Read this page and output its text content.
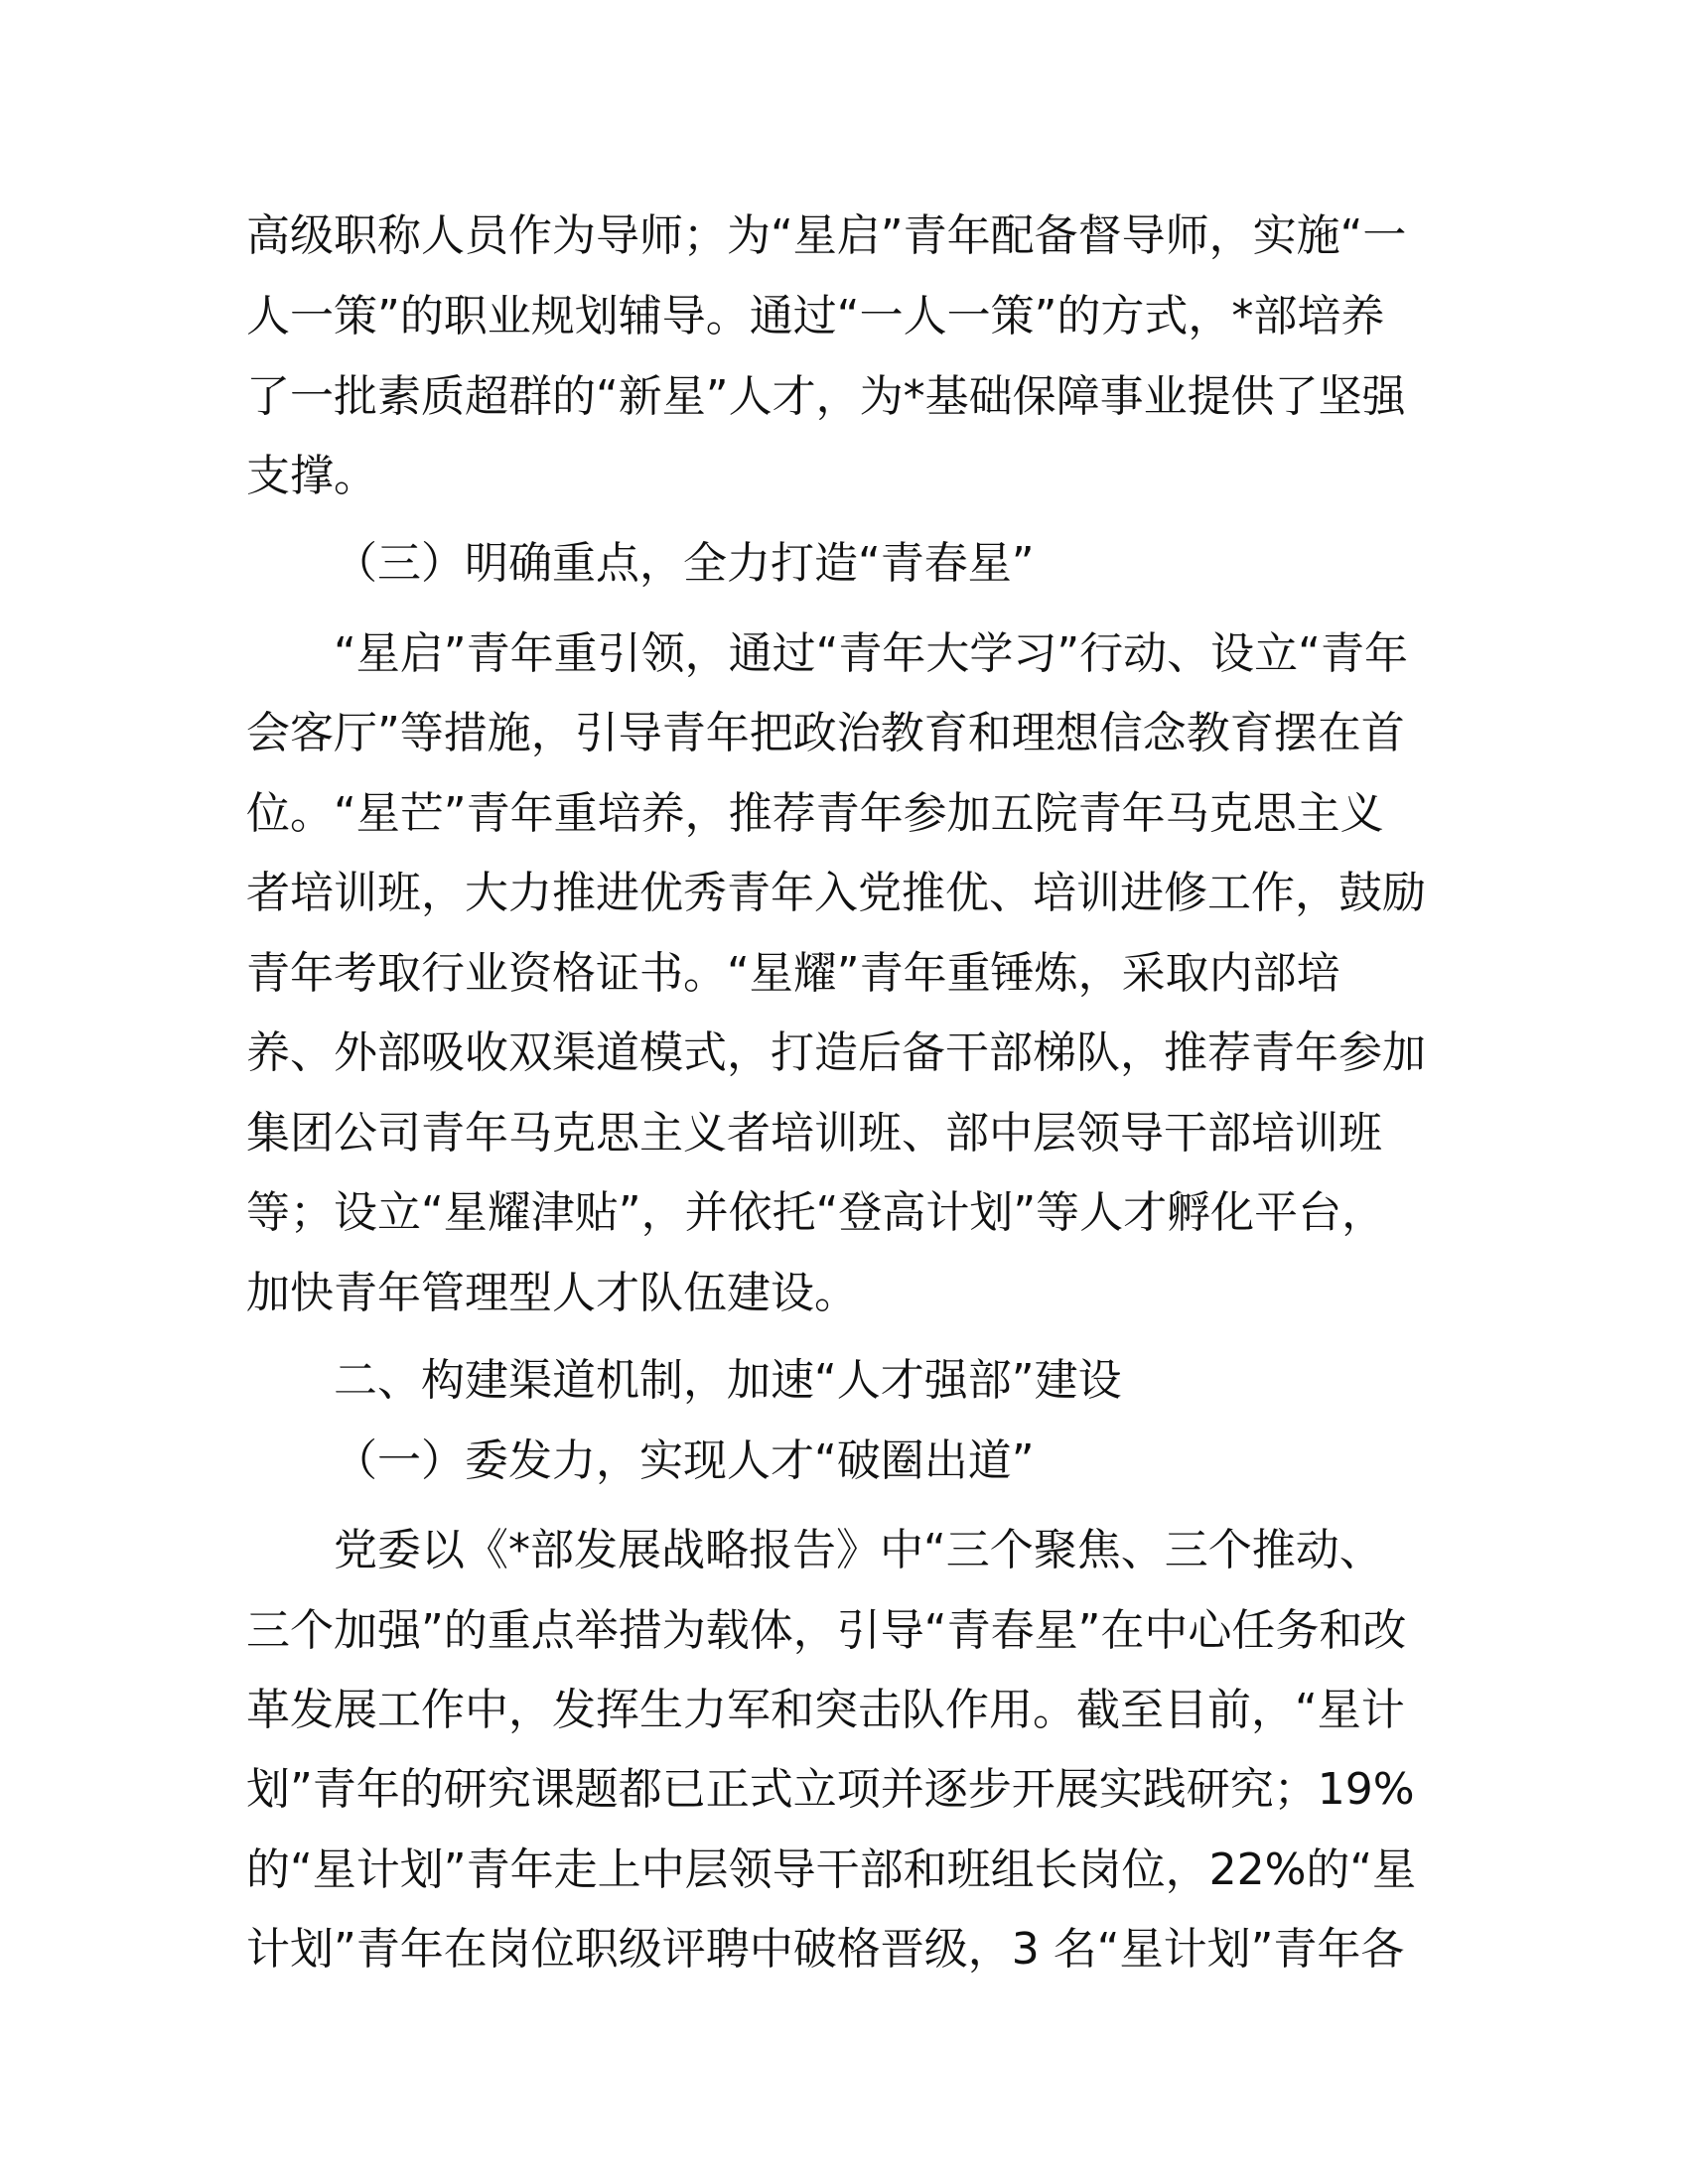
高级职称人员作为导师；为“星启”青年配备督导师，实施“一
人一策”的职业规划辅导。通过“一人一策”的方式，*部培养
了一批素质超群的“新星”人才，为*基础保障事业提供了坚强
支撑。
（三）明确重点，全力打造“青春星”
“星启”青年重引领，通过“青年大学习”行动、设立“青年
会客厅”等措施，引导青年把政治教育和理想信念教育摆在首
位。“星芒”青年重培养，推荐青年参加五院青年马克思主义
者培训班，大力推进优秀青年入党推优、培训进修工作，鼓励
青年考取行业资格证书。“星耀”青年重锤炼，采取内部培
养、外部吸收双渠道模式，打造后备干部梯队，推荐青年参加
集团公司青年马克思主义者培训班、部中层领导干部培训班
等；设立“星耀津贴”，并依托“登高计划”等人才孵化平台，
加快青年管理型人才队伍建设。
二、构建渠道机制，加速“人才强部”建设
（一）委发力，实现人才“破圈出道”
党委以《*部发展战略报告》中“三个聚焦、三个推动、
三个加强”的重点举措为载体，引导“青春星”在中心任务和改
革发展工作中，发挥生力军和突击队作用。截至目前，“星计
划”青年的研究课题都已正式立项并逐步开展实践研究；19%
的“星计划”青年走上中层领导干部和班组长岗位，22%的“星
计划”青年在岗位职级评聘中破格晋级，3 名“星计划”青年各
